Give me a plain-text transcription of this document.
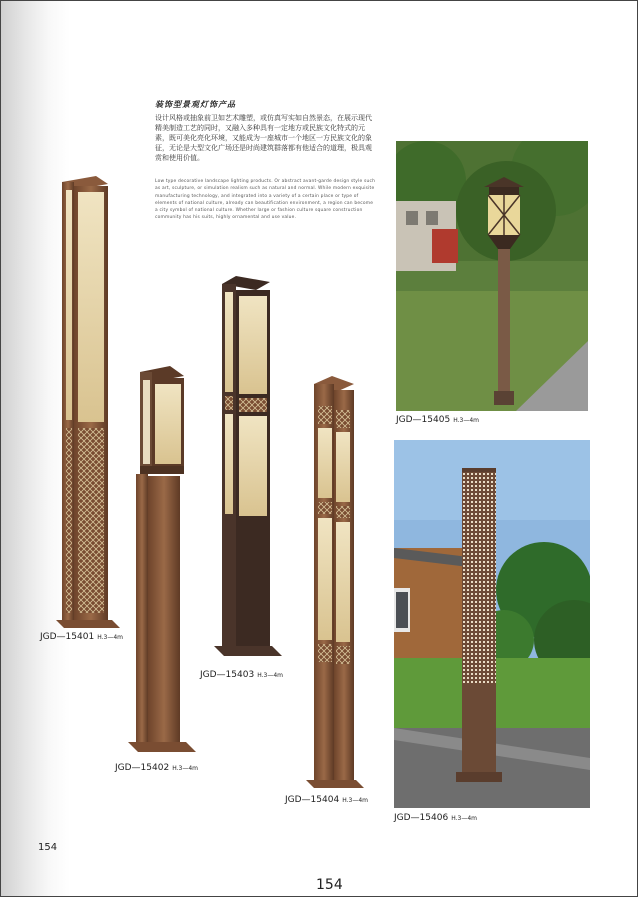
装饰型景观灯饰产品
设计风格或抽象前卫如艺术雕塑，或仿真写实如自然景态，在展示现代精美制造工艺的同时，又融入多种具有一定地方或民族文化特式的元素，既可美化亮化环境，又能成为一座城市一个地区一方民族文化的象征，无论是大型文化广场还是时尚建筑群落都有他适合的道理，极具观赏和使用价值。
Low type decorative landscape lighting products. Or abstract avant-garde design style such as art, sculpture, or simulation realism such as natural and normal. While modern exquisite manufacturing technology, and integrated into a variety of a certain place or type of elements of national culture, already can beautification environment, a region can become a city symbol of national culture. Whether large or fashion culture square construction community has his suits, highly ornamental and use value.
JGD—15401 H.3—4m
JGD—15402 H.3—4m
JGD—15403 H.3—4m
JGD—15404 H.3—4m
JGD—15405 H.3—4m
JGD—15406 H.3—4m
154
154
